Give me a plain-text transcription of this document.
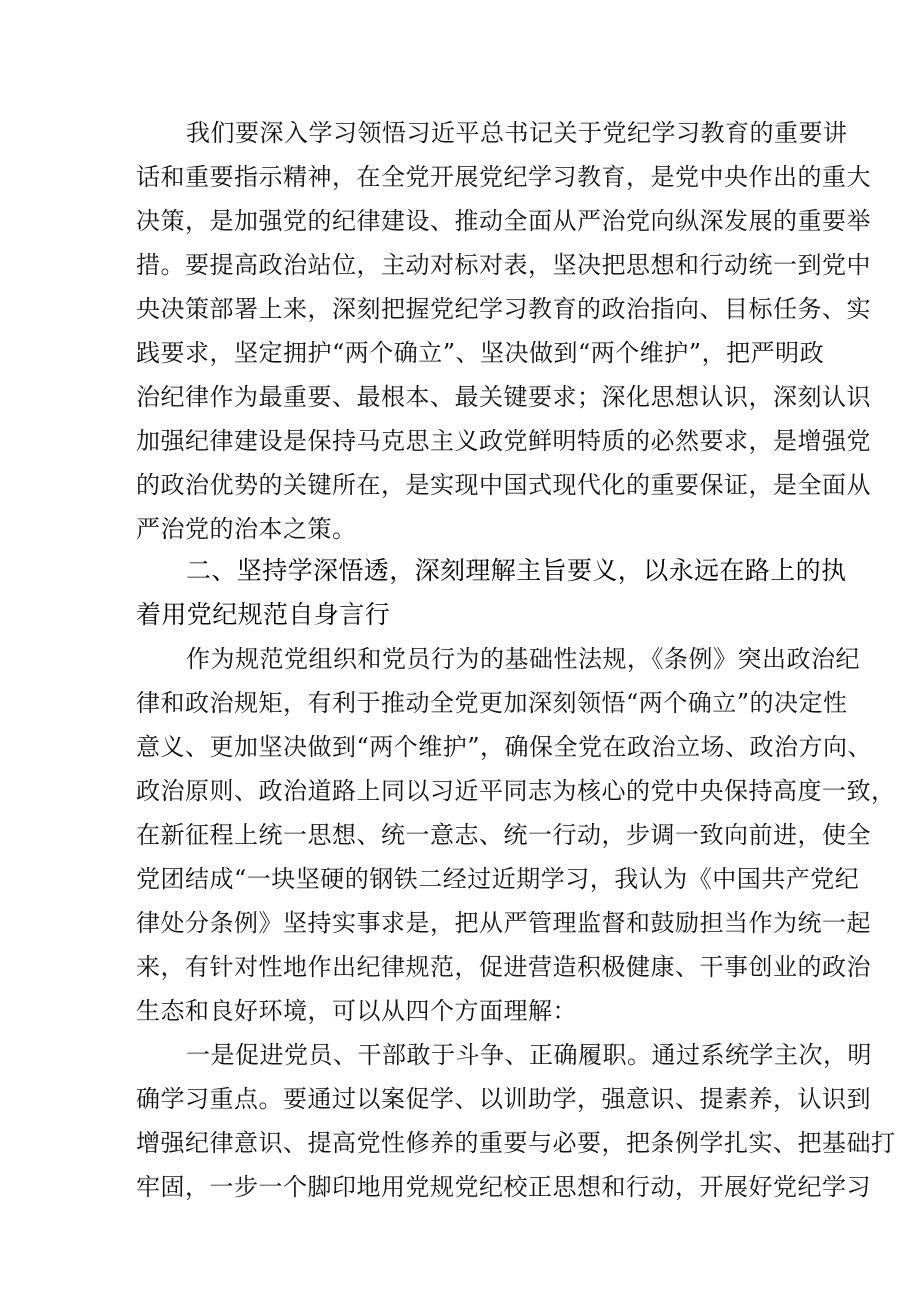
我们要深入学习领悟习近平总书记关于党纪学习教育的重要讲
话和重要指示精神，在全党开展党纪学习教育，是党中央作出的重大
决策，是加强党的纪律建设、推动全面从严治党向纵深发展的重要举
措。要提高政治站位，主动对标对表，坚决把思想和行动统一到党中
央决策部署上来，深刻把握党纪学习教育的政治指向、目标任务、实
践要求，坚定拥护“两个确立”、坚决做到“两个维护”，把严明政
治纪律作为最重要、最根本、最关键要求；深化思想认识，深刻认识
加强纪律建设是保持马克思主义政党鲜明特质的必然要求，是增强党
的政治优势的关键所在，是实现中国式现代化的重要保证，是全面从
严治党的治本之策。
二、坚持学深悟透，深刻理解主旨要义，以永远在路上的执
着用党纪规范自身言行
作为规范党组织和党员行为的基础性法规，《条例》突出政治纪
律和政治规矩，有利于推动全党更加深刻领悟“两个确立”的决定性
意义、更加坚决做到“两个维护”，确保全党在政治立场、政治方向、
政治原则、政治道路上同以习近平同志为核心的党中央保持高度一致，
在新征程上统一思想、统一意志、统一行动，步调一致向前进，使全
党团结成“一块坚硬的钢铁二经过近期学习，我认为《中国共产党纪
律处分条例》坚持实事求是，把从严管理监督和鼓励担当作为统一起
来，有针对性地作出纪律规范，促进营造积极健康、干事创业的政治
生态和良好环境，可以从四个方面理解：
一是促进党员、干部敢于斗争、正确履职。通过系统学主次，明
确学习重点。要通过以案促学、以训助学，强意识、提素养，认识到
增强纪律意识、提高党性修养的重要与必要，把条例学扎实、把基础打
牢固，一步一个脚印地用党规党纪校正思想和行动，开展好党纪学习
